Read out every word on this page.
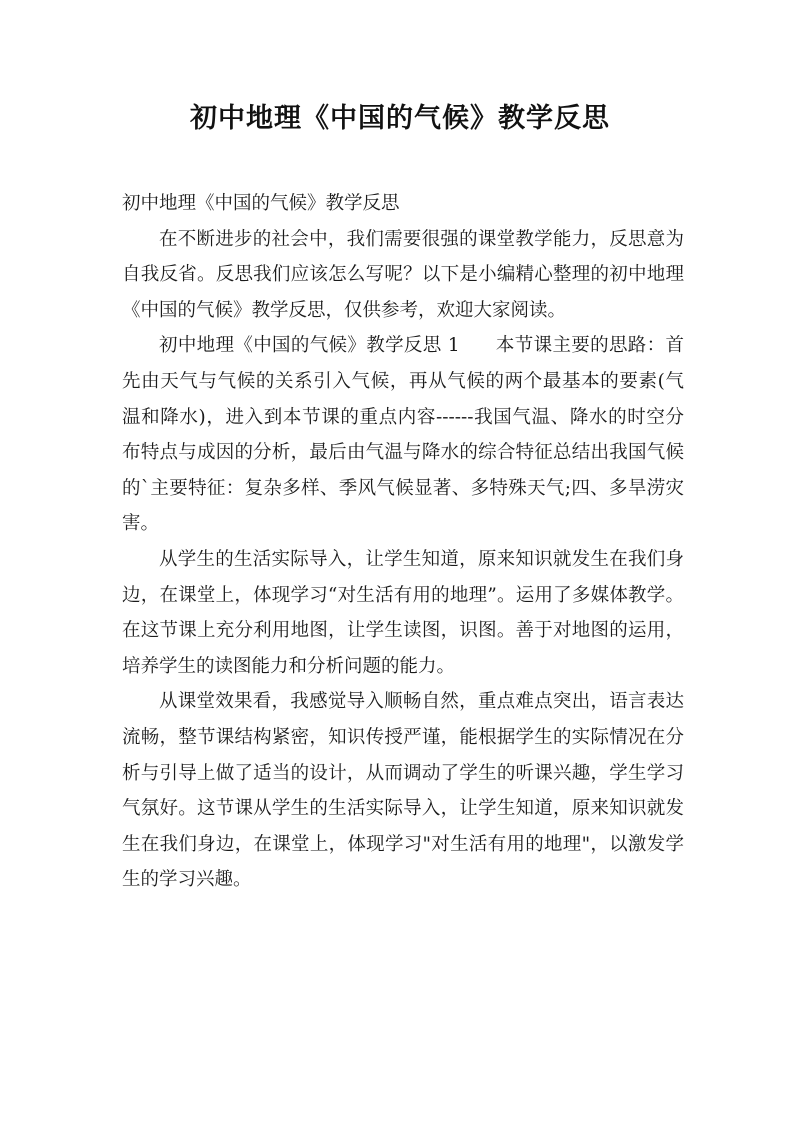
初中地理《中国的气候》教学反思

初中地理《中国的气候》教学反思

在不断进步的社会中，我们需要很强的课堂教学能力，反思意为自我反省。反思我们应该怎么写呢？以下是小编精心整理的初中地理《中国的气候》教学反思，仅供参考，欢迎大家阅读。

初中地理《中国的气候》教学反思 1 本节课主要的思路：首先由天气与气候的关系引入气候，再从气候的两个最基本的要素(气温和降水)，进入到本节课的重点内容------我国气温、降水的时空分布特点与成因的分析，最后由气温与降水的综合特征总结出我国气候的`主要特征：复杂多样、季风气候显著、多特殊天气;四、多旱涝灾害。

从学生的生活实际导入，让学生知道，原来知识就发生在我们身边，在课堂上，体现学习“对生活有用的地理”。运用了多媒体教学。在这节课上充分利用地图，让学生读图，识图。善于对地图的运用，培养学生的读图能力和分析问题的能力。

从课堂效果看，我感觉导入顺畅自然，重点难点突出，语言表达流畅，整节课结构紧密，知识传授严谨，能根据学生的实际情况在分析与引导上做了适当的设计，从而调动了学生的听课兴趣，学生学习气氛好。这节课从学生的生活实际导入，让学生知道，原来知识就发生在我们身边，在课堂上，体现学习"对生活有用的地理"，以激发学生的学习兴趣。
